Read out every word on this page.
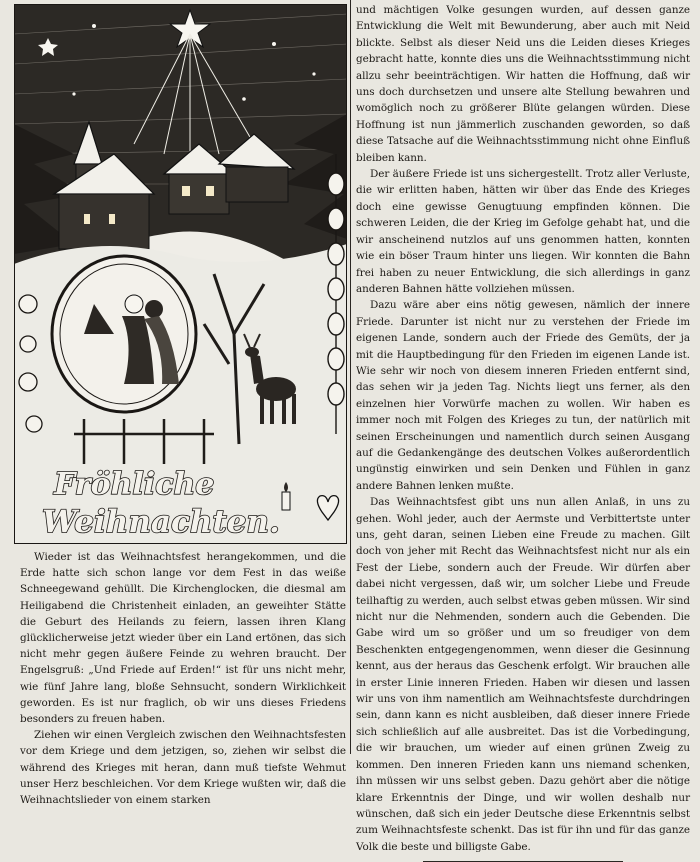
Fröhliche
Weihnachten.

Wieder ist das Weihnachtsfest herangekommen, und die Erde hatte sich schon lange vor dem Fest in das weiße Schneegewand gehüllt. Die Kirchenglocken, die diesmal am Heiligabend die Christenheit einladen, an geweihter Stätte die Geburt des Heilands zu feiern, lassen ihren Klang glücklicherweise jetzt wieder über ein Land ertönen, das sich nicht mehr gegen äußere Feinde zu wehren braucht. Der Engelsgruß: „Und Friede auf Erden!“ ist für uns nicht mehr, wie fünf Jahre lang, bloße Sehnsucht, sondern Wirklichkeit geworden. Es ist nur fraglich, ob wir uns dieses Friedens besonders zu freuen haben.

Ziehen wir einen Vergleich zwischen den Weihnachtsfesten vor dem Kriege und dem jetzigen, so, ziehen wir selbst die während des Krieges mit heran, dann muß tiefste Wehmut unser Herz beschleichen. Vor dem Kriege wußten wir, daß die Weihnachtslieder von einem starken

und mächtigen Volke gesungen wurden, auf dessen ganze Entwicklung die Welt mit Bewunderung, aber auch mit Neid blickte. Selbst als dieser Neid uns die Leiden dieses Krieges gebracht hatte, konnte dies uns die Weihnachtsstimmung nicht allzu sehr beeinträchtigen. Wir hatten die Hoffnung, daß wir uns doch durchsetzen und unsere alte Stellung bewahren und womöglich noch zu größerer Blüte gelangen würden. Diese Hoffnung ist nun jämmerlich zuschanden geworden, so daß diese Tatsache auf die Weihnachtsstimmung nicht ohne Einfluß bleiben kann.

Der äußere Friede ist uns sichergestellt. Trotz aller Verluste, die wir erlitten haben, hätten wir über das Ende des Krieges doch eine gewisse Genugtuung empfinden können. Die schweren Leiden, die der Krieg im Gefolge gehabt hat, und die wir anscheinend nutzlos auf uns genommen hatten, konnten wie ein böser Traum hinter uns liegen. Wir konnten die Bahn frei haben zu neuer Entwicklung, die sich allerdings in ganz anderen Bahnen hätte vollziehen müssen.

Dazu wäre aber eins nötig gewesen, nämlich der innere Friede. Darunter ist nicht nur zu verstehen der Friede im eigenen Lande, sondern auch der Friede des Gemüts, der ja mit die Hauptbedingung für den Frieden im eigenen Lande ist. Wie sehr wir noch von diesem inneren Frieden entfernt sind, das sehen wir ja jeden Tag. Nichts liegt uns ferner, als den einzelnen hier Vorwürfe machen zu wollen. Wir haben es immer noch mit Folgen des Krieges zu tun, der natürlich mit seinen Erscheinungen und namentlich durch seinen Ausgang auf die Gedankengänge des deutschen Volkes außerordentlich ungünstig einwirken und sein Denken und Fühlen in ganz andere Bahnen lenken mußte.

Das Weihnachtsfest gibt uns nun allen Anlaß, in uns zu gehen. Wohl jeder, auch der Aermste und Verbittertste unter uns, geht daran, seinen Lieben eine Freude zu machen. Gilt doch von jeher mit Recht das Weihnachtsfest nicht nur als ein Fest der Liebe, sondern auch der Freude. Wir dürfen aber dabei nicht vergessen, daß wir, um solcher Liebe und Freude teilhaftig zu werden, auch selbst etwas geben müssen. Wir sind nicht nur die Nehmenden, sondern auch die Gebenden. Die Gabe wird um so größer und um so freudiger von dem Beschenkten entgegengenommen, wenn dieser die Gesinnung kennt, aus der heraus das Geschenk erfolgt. Wir brauchen alle in erster Linie inneren Frieden. Haben wir diesen und lassen wir uns von ihm namentlich am Weihnachtsfeste durchdringen sein, dann kann es nicht ausbleiben, daß dieser innere Friede sich schließlich auf alle ausbreitet. Das ist die Vorbedingung, die wir brauchen, um wieder auf einen grünen Zweig zu kommen. Den inneren Frieden kann uns niemand schenken, ihn müssen wir uns selbst geben. Dazu gehört aber die nötige klare Erkenntnis der Dinge, und wir wollen deshalb nur wünschen, daß sich ein jeder Deutsche diese Erkenntnis selbst zum Weihnachtsfeste schenkt. Das ist für ihn und für das ganze Volk die beste und billigste Gabe.
